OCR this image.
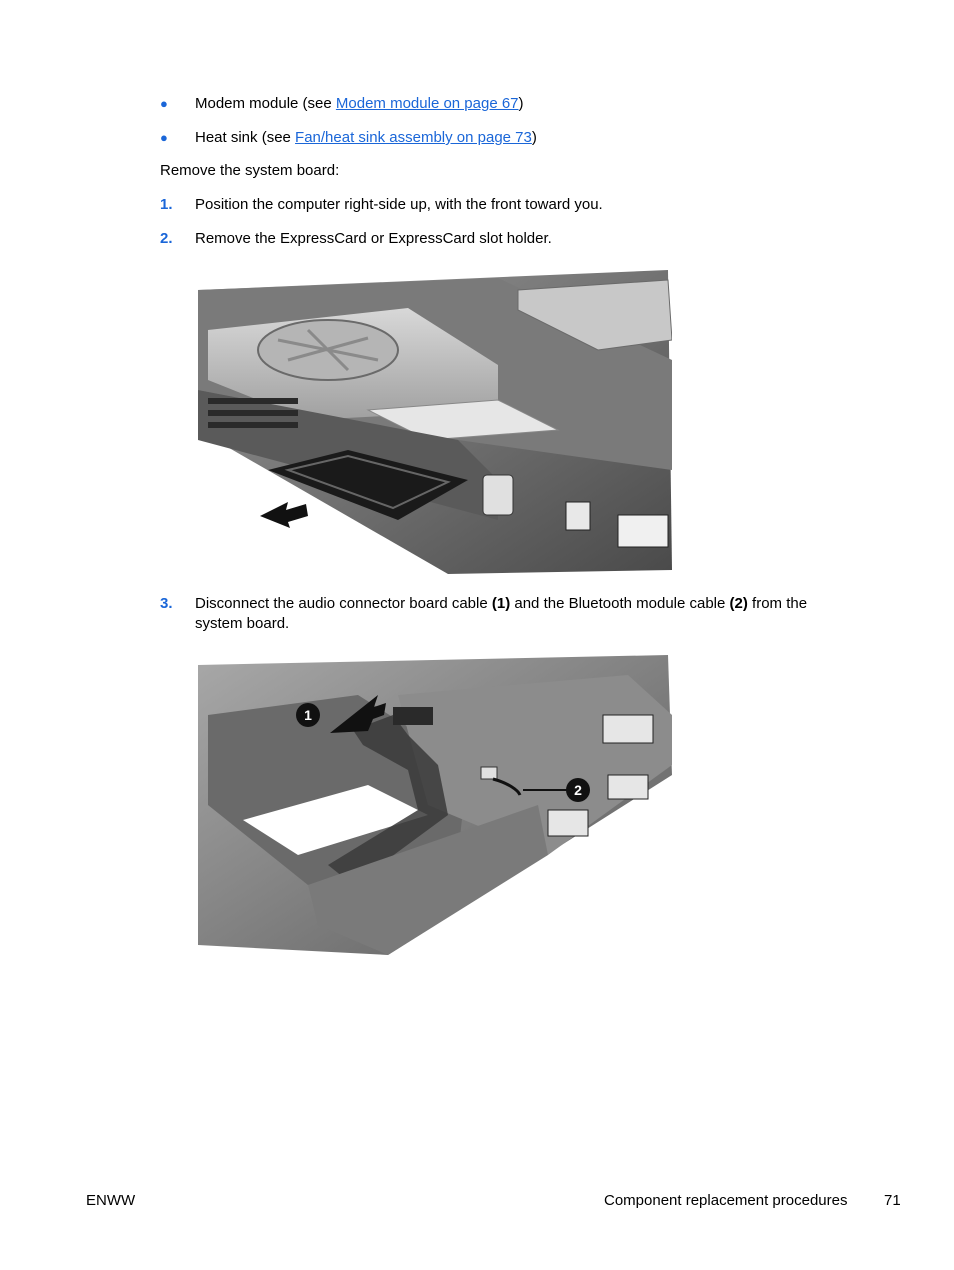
● Modem module (see Modem module on page 67)
● Heat sink (see Fan/heat sink assembly on page 73)
Remove the system board:
1. Position the computer right-side up, with the front toward you.
2. Remove the ExpressCard or ExpressCard slot holder.
3. Disconnect the audio connector board cable (1) and the Bluetooth module cable (2) from the
system board.
1
2
ENWW	Component replacement procedures 71
